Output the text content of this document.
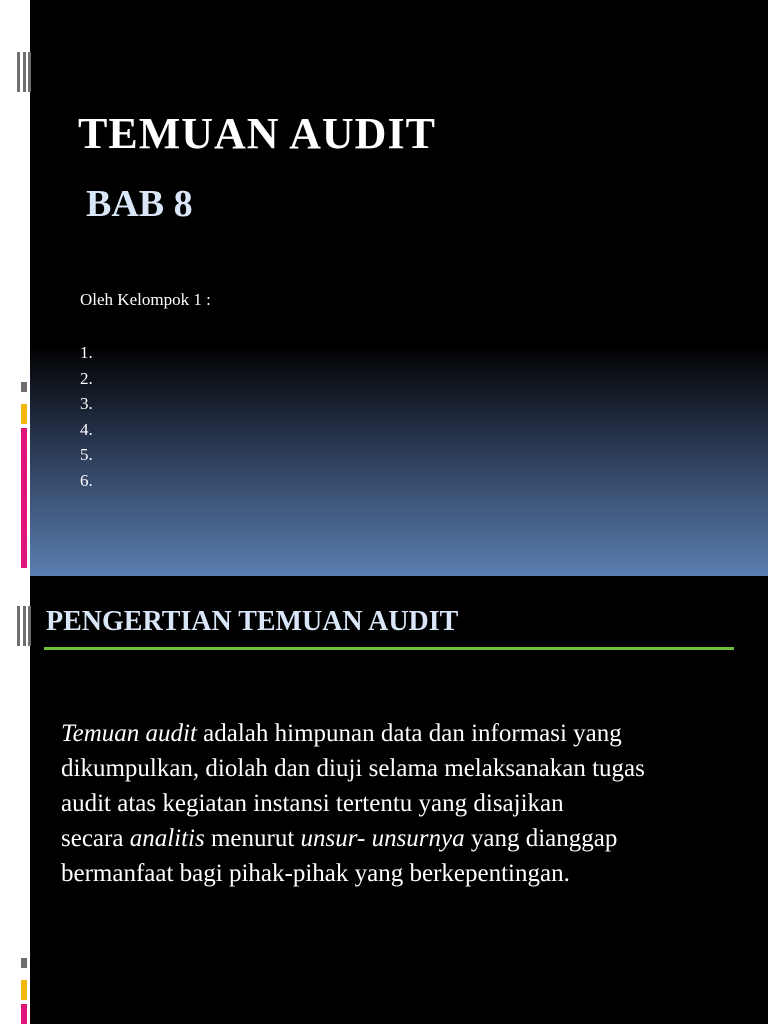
TEMUAN AUDIT
BAB 8

Oleh Kelompok 1 :

1.
2.
3.
4.
5.
6.
PENGERTIAN TEMUAN AUDIT

Temuan audit adalah himpunan data dan informasi yang
dikumpulkan, diolah dan diuji selama melaksanakan tugas
audit atas kegiatan instansi tertentu yang disajikan
secara analitis menurut unsur- unsurnya yang dianggap
bermanfaat bagi pihak-pihak yang berkepentingan.
